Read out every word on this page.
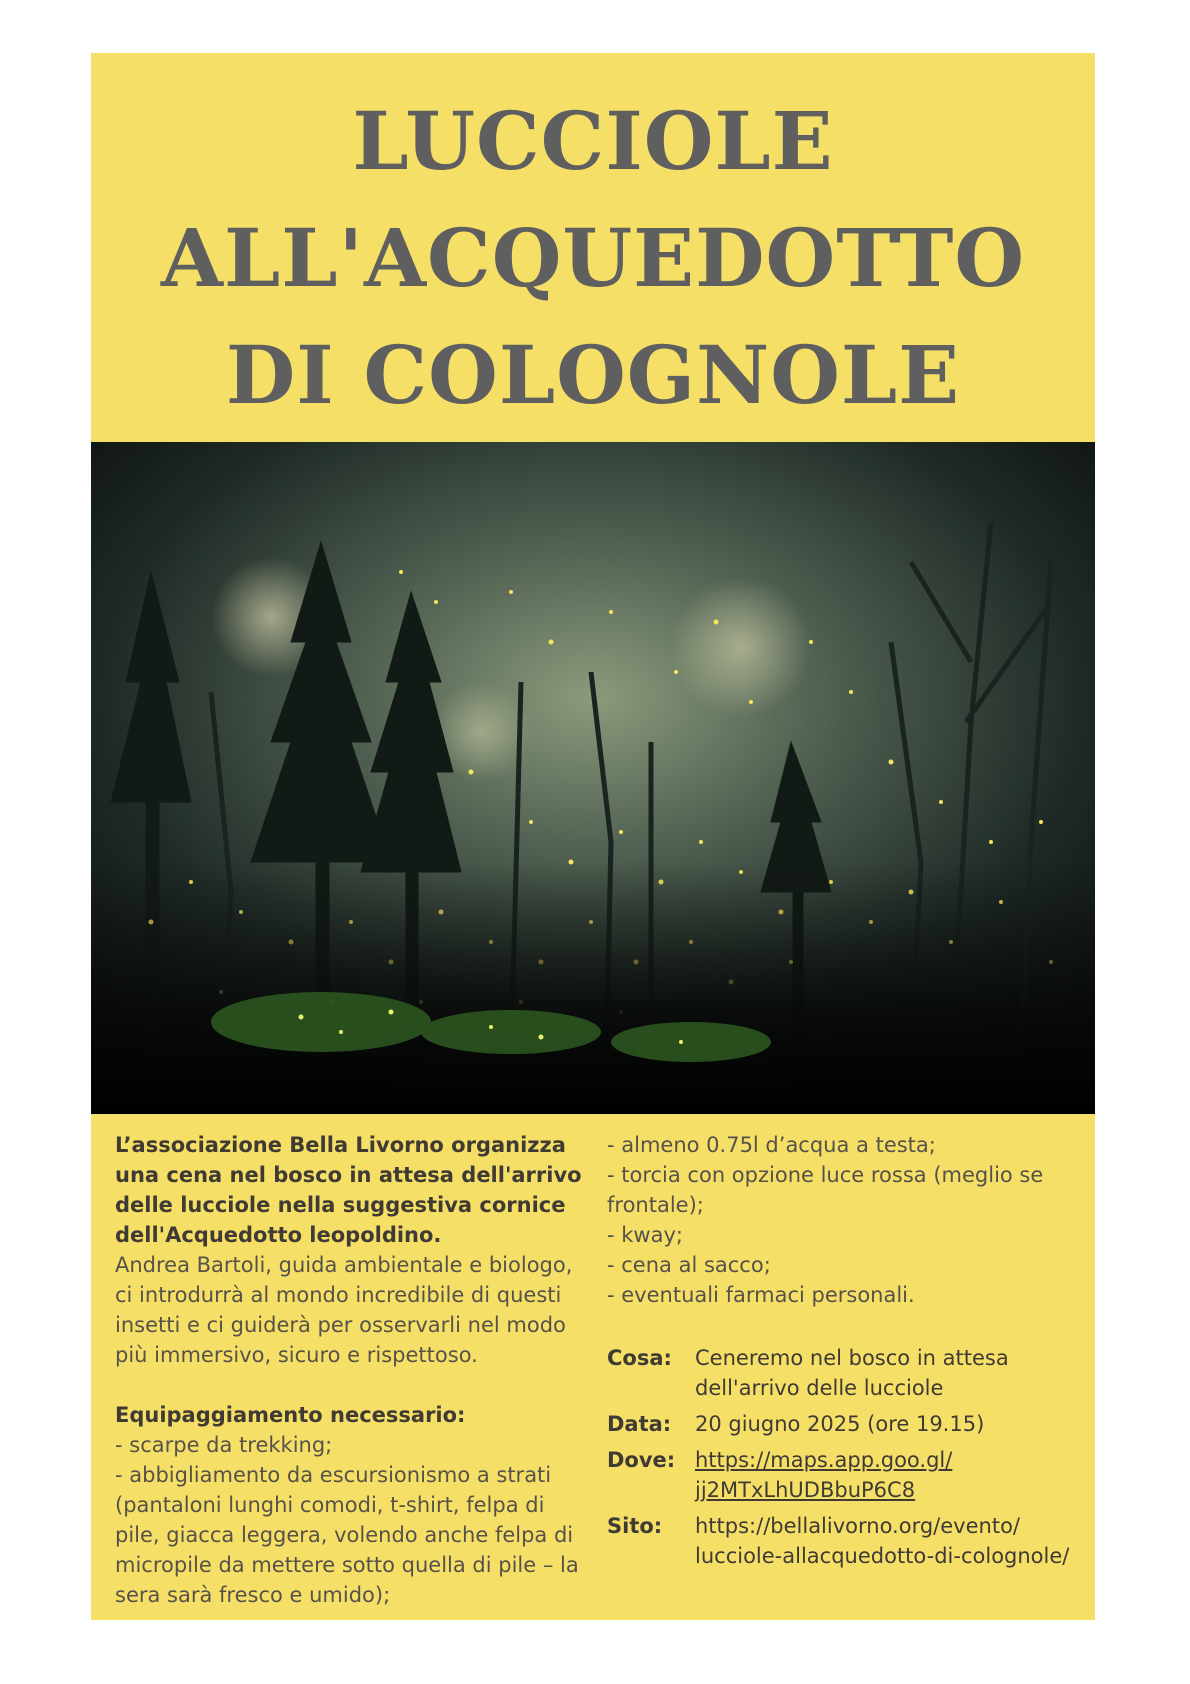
LUCCIOLE
ALL'ACQUEDOTTO
DI COLOGNOLE
L’associazione Bella Livorno organizza una cena nel bosco in attesa dell'arrivo delle lucciole nella suggestiva cornice dell'Acquedotto leopoldino.
Andrea Bartoli, guida ambientale e biologo, ci introdurrà al mondo incredibile di questi insetti e ci guiderà per osservarli nel modo più immersivo, sicuro e rispettoso.
Equipaggiamento necessario:
- scarpe da trekking;
- abbigliamento da escursionismo a strati (pantaloni lunghi comodi, t-shirt, felpa di pile, giacca leggera, volendo anche felpa di micropile da mettere sotto quella di pile – la sera sarà fresco e umido);
- almeno 0.75l d’acqua a testa;
- torcia con opzione luce rossa (meglio se frontale);
- kway;
- cena al sacco;
- eventuali farmaci personali.
Cosa:	Ceneremo nel bosco in attesa dell'arrivo delle lucciole
Data:	20 giugno 2025 (ore 19.15)
Dove: https://maps.app.goo.gl/
jj2MTxLhUDBbuP6C8
Sito:	https://bellalivorno.org/evento/
lucciole-allacquedotto-di-colognole/
